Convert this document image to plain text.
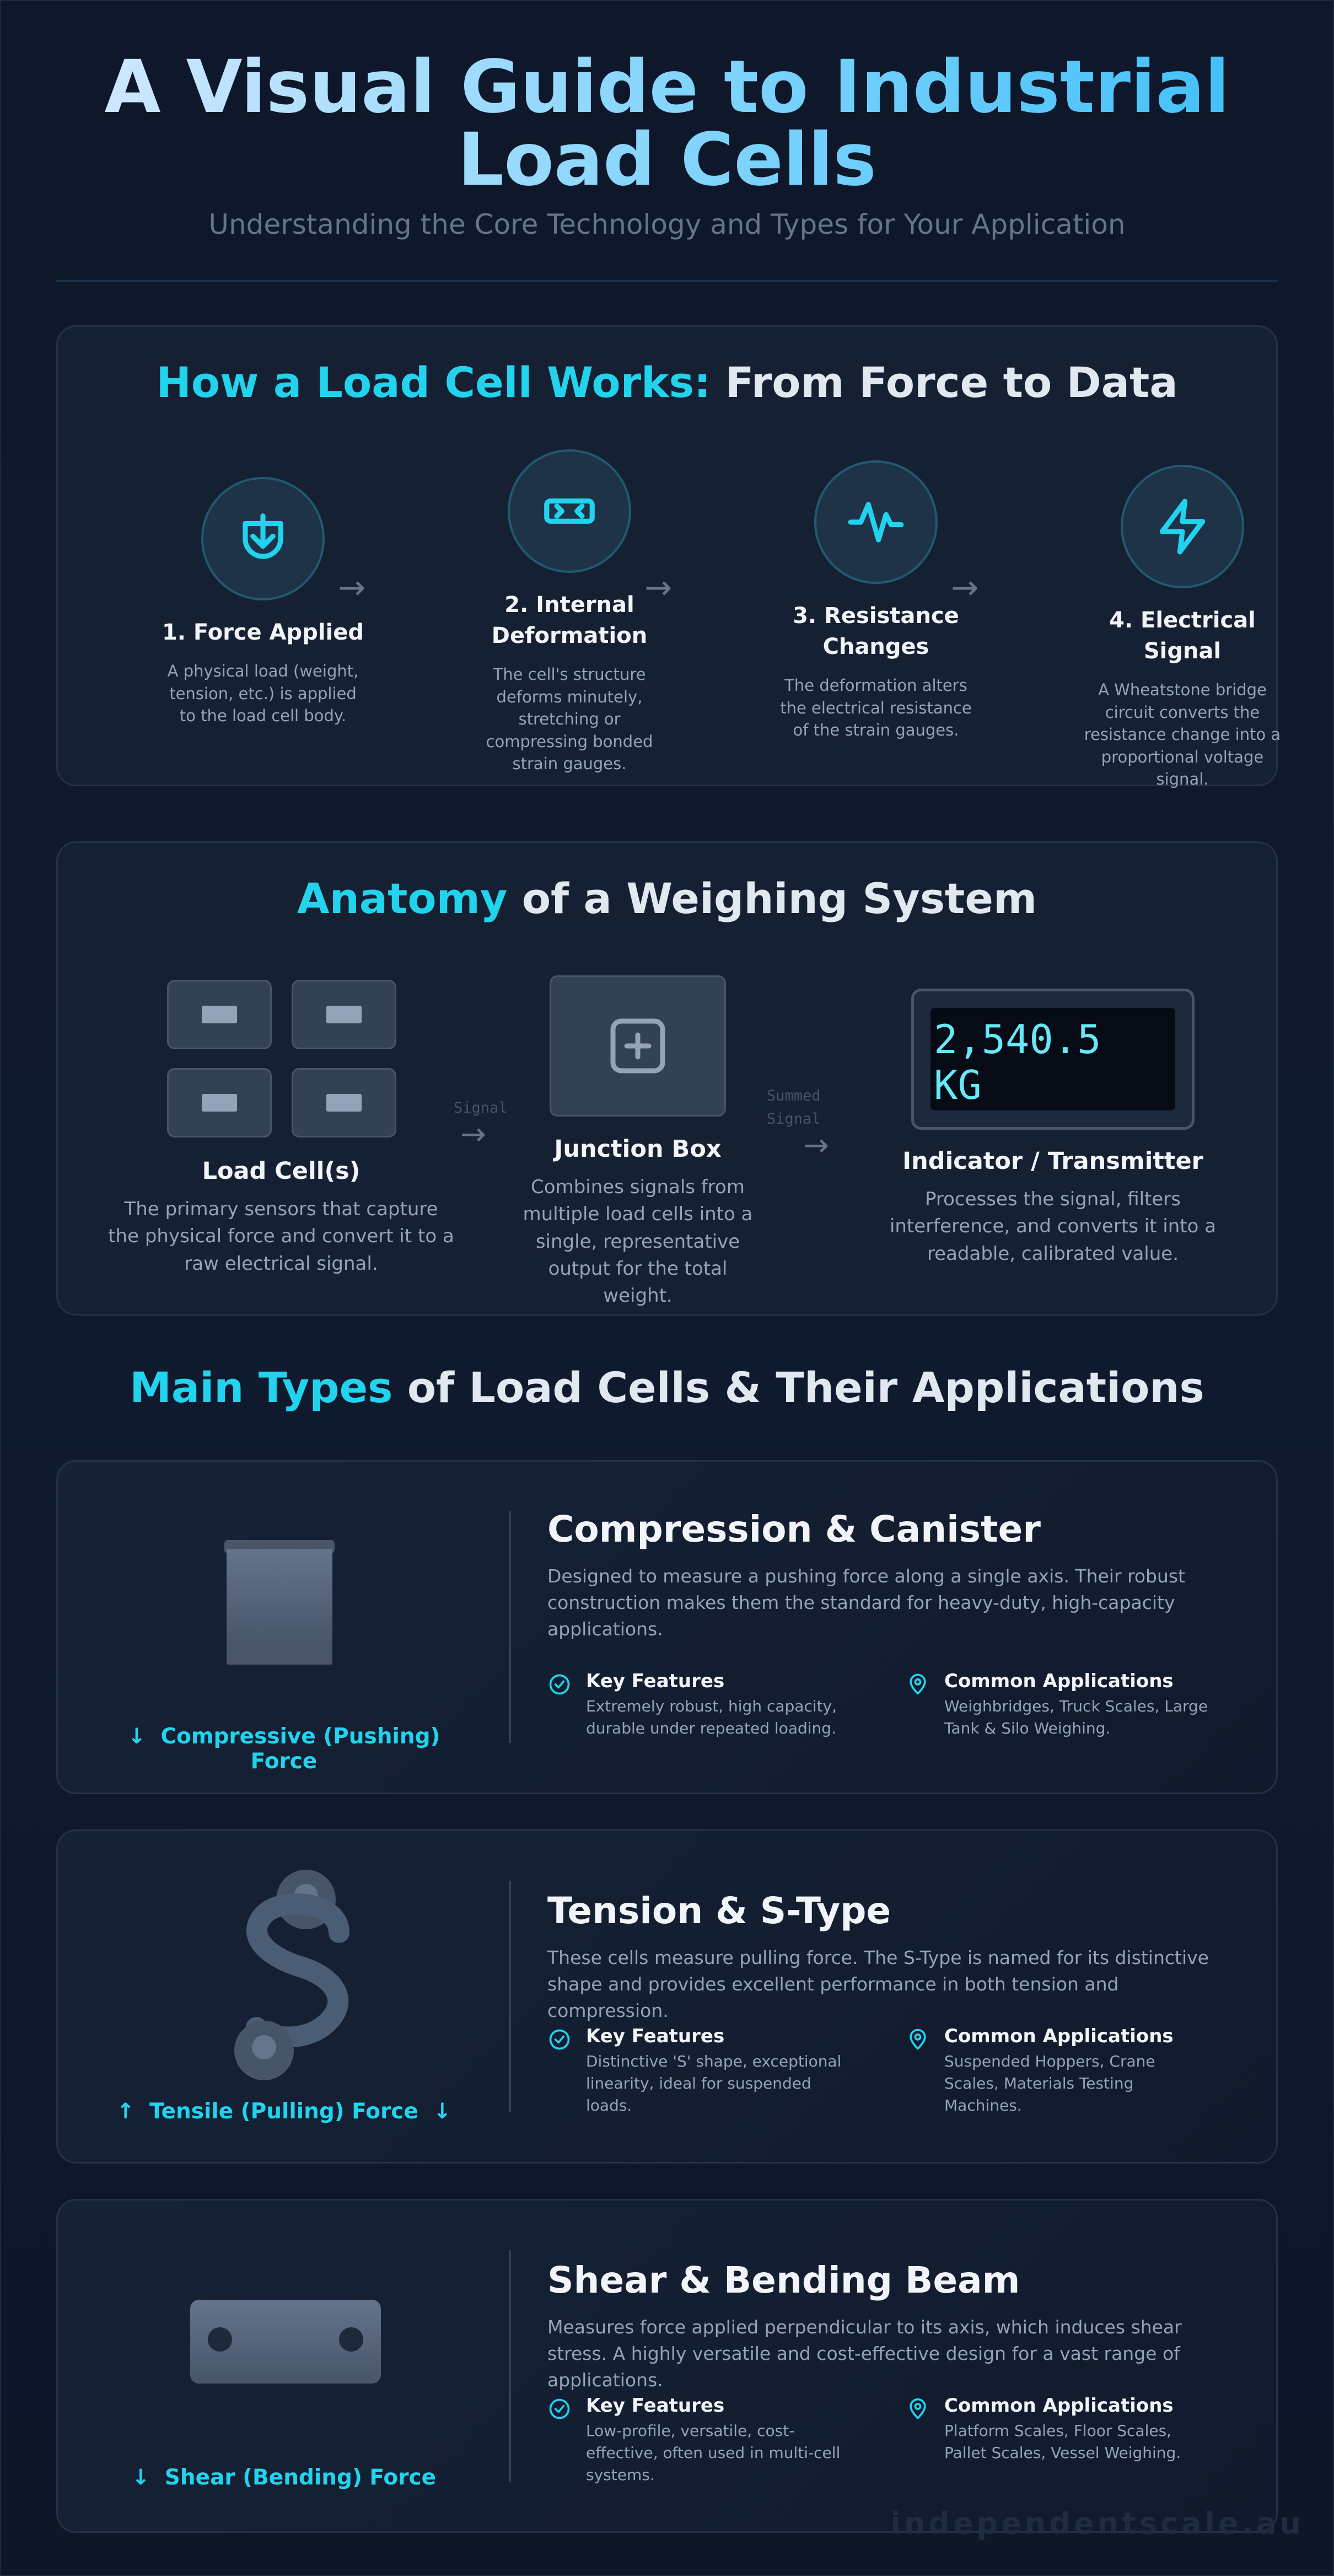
A Visual Guide to Industrial
Load Cells
Understanding the Core Technology and Types for Your Application
How a Load Cell Works: From Force to Data
1. Force Applied
A physical load (weight, tension, etc.) is applied to the load cell body.
→	2. Internal Deformation
The cell's structure deforms minutely, stretching or compressing bonded strain gauges.
→
3. Resistance Changes
The deformation alters the electrical resistance of the strain gauges.
→
4. Electrical Signal
A Wheatstone bridge circuit converts the resistance change into a proportional voltage signal.
Anatomy of a Weighing System
Load Cell(s)
The primary sensors that capture the physical force and convert it to a raw electrical signal.
Signal
→	Junction Box
Combines signals from multiple load cells into a single, representative output for the total weight.
Summed
Signal
→
2,540.5
KG
Indicator / Transmitter
Processes the signal, filters interference, and converts it into a readable, calibrated value.
Main Types of Load Cells & Their Applications
↓ Compressive (Pushing) Force
Compression & Canister
Designed to measure a pushing force along a single axis. Their robust construction makes them the standard for heavy-duty, high-capacity applications.
Key Features
Extremely robust, high capacity, durable under repeated loading.
Common Applications
Weighbridges, Truck Scales, Large Tank & Silo Weighing.
↑ Tensile (Pulling) Force ↓
Tension & S-Type
These cells measure pulling force. The S-Type is named for its distinctive shape and provides excellent performance in both tension and compression.
Key Features
Distinctive 'S' shape, exceptional linearity, ideal for suspended loads.
Common Applications
Suspended Hoppers, Crane Scales, Materials Testing Machines.
↓ Shear (Bending) Force
Shear & Bending Beam
Measures force applied perpendicular to its axis, which induces shear stress. A highly versatile and cost-effective design for a vast range of applications.
Key Features
Low-profile, versatile, cost-effective, often used in multi-cell systems.
Common Applications
Platform Scales, Floor Scales, Pallet Scales, Vessel Weighing.
independentscale.au
